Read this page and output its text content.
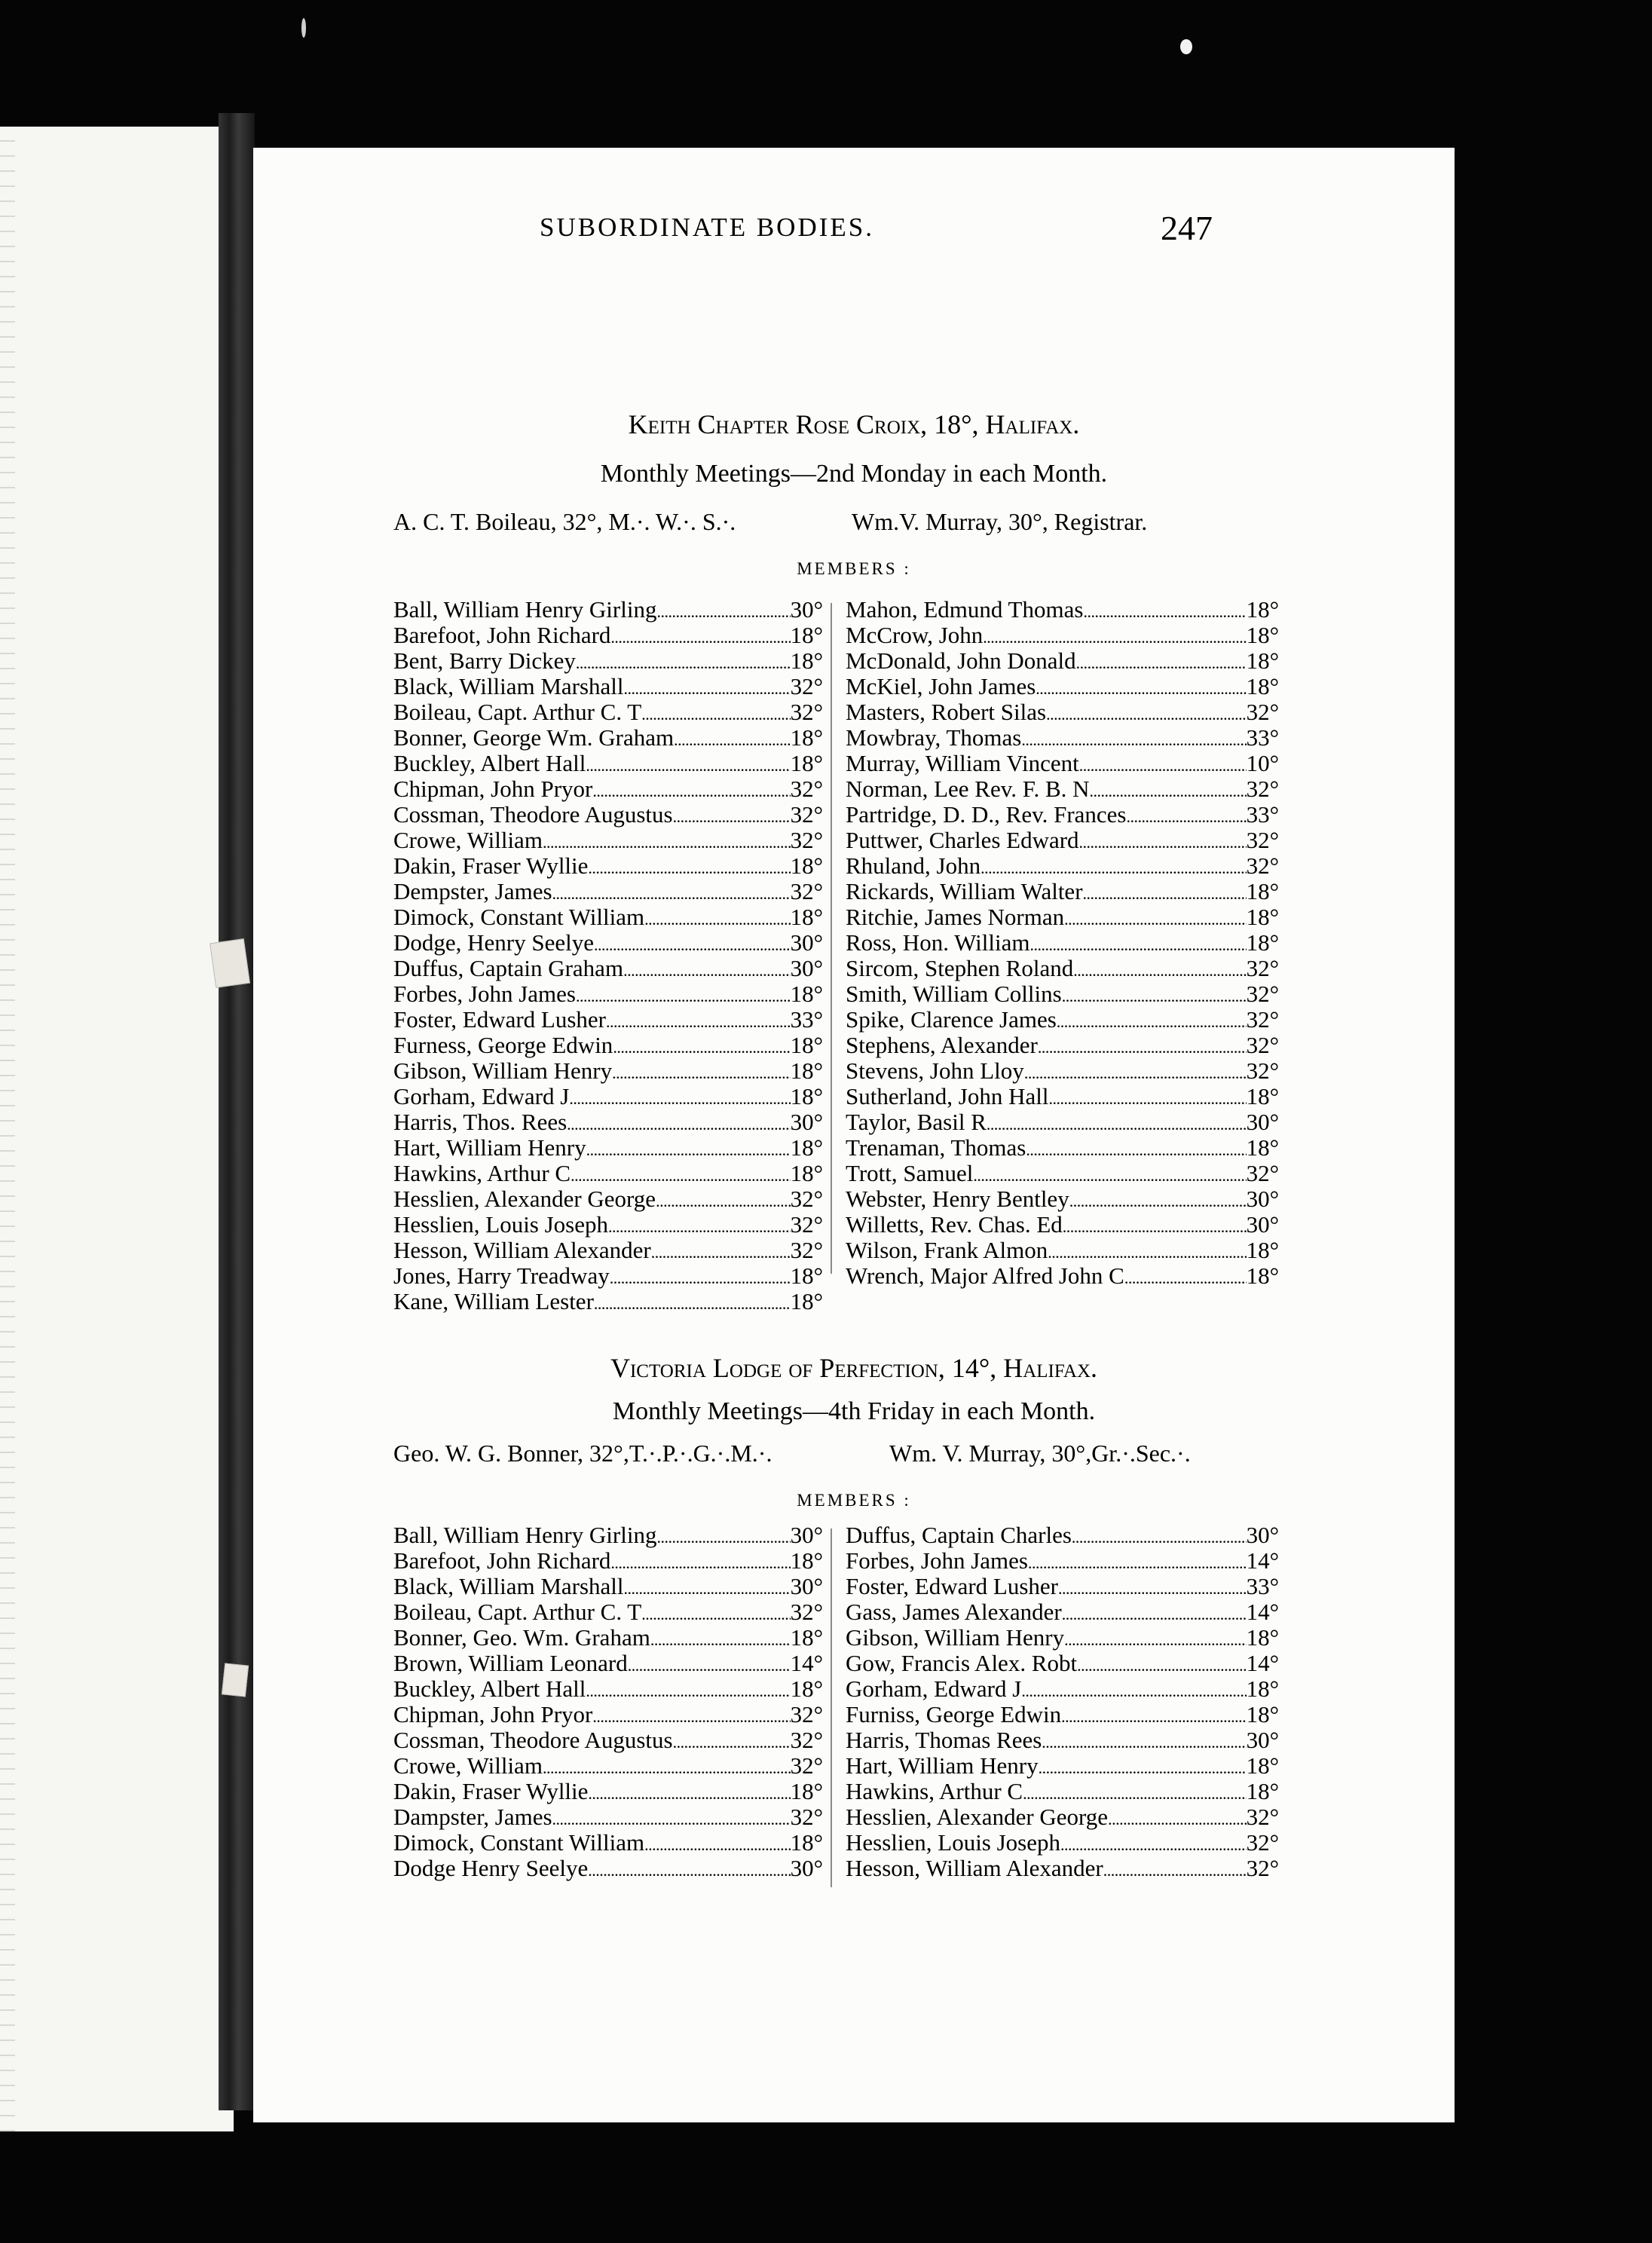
SUBORDINATE BODIES.	247
Keith Chapter Rose Croix, 18°, Halifax.
Monthly Meetings—2nd Monday in each Month.
A. C. T. Boileau, 32°, M.·. W.·. S.·.	Wm.V. Murray, 30°, Registrar.
MEMBERS :
Ball, William Henry Girling . . .	30°
Barefoot, John Richard . . .	18°
Bent, Barry Dickey . . .	18°
Black, William Marshall . . .	32°
Boileau, Capt. Arthur C. T . . .	32°
Bonner, George Wm. Graham . . .	18°
Buckley, Albert Hall . . .	18°
Chipman, John Pryor . . .	32°
Cossman, Theodore Augustus . . .	32°
Crowe, William . . .	32°
Dakin, Fraser Wyllie . . .	18°
Dempster, James . . .	32°
Dimock, Constant William . . .	18°
Dodge, Henry Seelye . . .	30°
Duffus, Captain Graham . . .	30°
Forbes, John James . . .	18°
Foster, Edward Lusher . . .	33°
Furness, George Edwin . . .	18°
Gibson, William Henry . . .	18°
Gorham, Edward J . . .	18°
Harris, Thos. Rees . . .	30°
Hart, William Henry . . .	18°
Hawkins, Arthur C . . .	18°
Hesslien, Alexander George . . .	32°
Hesslien, Louis Joseph . . .	32°
Hesson, William Alexander . . .	32°
Jones, Harry Treadway . . .	18°
Kane, William Lester . . .	18°
Mahon, Edmund Thomas . . .	18°
McCrow, John . . .	18°
McDonald, John Donald . . .	18°
McKiel, John James . . .	18°
Masters, Robert Silas . . .	32°
Mowbray, Thomas . . .	33°
Murray, William Vincent . . .	10°
Norman, Lee Rev. F. B. N . . .	32°
Partridge, D. D., Rev. Frances . . .	33°
Puttwer, Charles Edward . . .	32°
Rhuland, John . . .	32°
Rickards, William Walter . . .	18°
Ritchie, James Norman . . .	18°
Ross, Hon. William . . .	18°
Sircom, Stephen Roland . . .	32°
Smith, William Collins . . .	32°
Spike, Clarence James . . .	32°
Stephens, Alexander . . .	32°
Stevens, John Lloy . . .	32°
Sutherland, John Hall . . .	18°
Taylor, Basil R . . .	30°
Trenaman, Thomas . . .	18°
Trott, Samuel . . .	32°
Webster, Henry Bentley . . .	30°
Willetts, Rev. Chas. Ed . . .	30°
Wilson, Frank Almon . . .	18°
Wrench, Major Alfred John C . . .	18°
Victoria Lodge of Perfection, 14°, Halifax.
Monthly Meetings—4th Friday in each Month.
Geo. W. G. Bonner, 32°,T.·.P.·.G.·.M.·.	Wm. V. Murray, 30°,Gr.·.Sec.·.
MEMBERS :
Ball, William Henry Girling . . .	30°
Barefoot, John Richard . . .	18°
Black, William Marshall . . .	30°
Boileau, Capt. Arthur C. T . . .	32°
Bonner, Geo. Wm. Graham . . .	18°
Brown, William Leonard . . .	14°
Buckley, Albert Hall . . .	18°
Chipman, John Pryor . . .	32°
Cossman, Theodore Augustus . . .	32°
Crowe, William . . .	32°
Dakin, Fraser Wyllie . . .	18°
Dampster, James . . .	32°
Dimock, Constant William . . .	18°
Dodge Henry Seelye . . .	30°
Duffus, Captain Charles . . .	30°
Forbes, John James . . .	14°
Foster, Edward Lusher . . .	33°
Gass, James Alexander . . .	14°
Gibson, William Henry . . .	18°
Gow, Francis Alex. Robt . . .	14°
Gorham, Edward J . . .	18°
Furniss, George Edwin . . .	18°
Harris, Thomas Rees . . .	30°
Hart, William Henry . . .	18°
Hawkins, Arthur C . . .	18°
Hesslien, Alexander George . . .	32°
Hesslien, Louis Joseph . . .	32°
Hesson, William Alexander . . .	32°
